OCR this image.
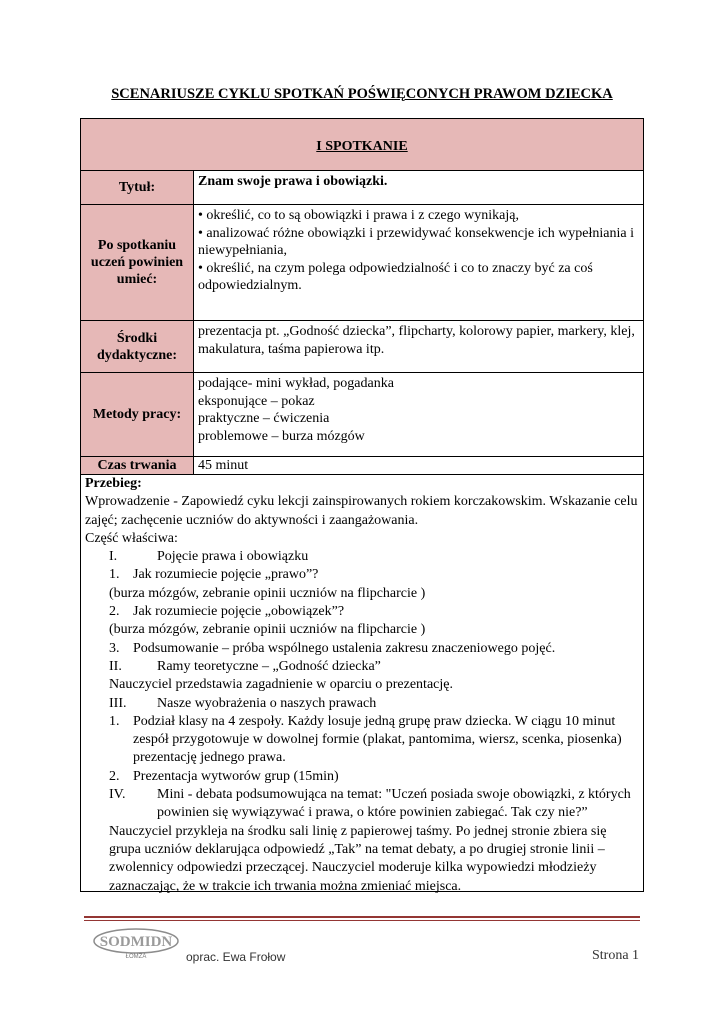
SCENARIUSZE CYKLU SPOTKAŃ POŚWIĘCONYCH PRAWOM DZIECKA
I SPOTKANIE
Tytuł:	Znam swoje prawa i obowiązki.
Po spotkaniu uczeń powinien umieć:
• określić, co to są obowiązki i prawa i z czego wynikają,
• analizować różne obowiązki i przewidywać konsekwencje ich wypełniania i niewypełniania,
• określić, na czym polega odpowiedzialność i co to znaczy być za coś odpowiedzialnym.
Środki dydaktyczne:
prezentacja pt. „Godność dziecka”, flipcharty, kolorowy papier, markery, klej, makulatura, taśma papierowa itp.
Metody pracy:
podające- mini wykład, pogadanka
eksponujące – pokaz
praktyczne – ćwiczenia
problemowe – burza mózgów
Czas trwania	45 minut

Przebieg:

Wprowadzenie - Zapowiedź cyku lekcji zainspirowanych rokiem korczakowskim. Wskazanie celu zajęć; zachęcenie uczniów do aktywności i zaangażowania.

Część właściwa:

I.	Pojęcie prawa i obowiązku
1. Jak rozumiecie pojęcie „prawo”?

(burza mózgów, zebranie opinii uczniów na flipcharcie )

2. Jak rozumiecie pojęcie „obowiązek”?

(burza mózgów, zebranie opinii uczniów na flipcharcie )

3. Podsumowanie – próba wspólnego ustalenia zakresu znaczeniowego pojęć.
II.	Ramy teoretyczne – „Godność dziecka”

Nauczyciel przedstawia zagadnienie w oparciu o prezentację.

III.	Nasze wyobrażenia o naszych prawach
1. Podział klasy na 4 zespoły. Każdy losuje jedną grupę praw dziecka. W ciągu 10 minut zespół przygotowuje w dowolnej formie (plakat, pantomima, wiersz, scenka, piosenka) prezentację jednego prawa.
2. Prezentacja wytworów grup (15min)
IV.	Mini - debata podsumowująca na temat: "Uczeń posiada swoje obowiązki, z których powinien się wywiązywać i prawa, o które powinien zabiegać. Tak czy nie?”

Nauczyciel przykleja na środku sali linię z papierowej taśmy. Po jednej stronie zbiera się grupa uczniów deklarująca odpowiedź „Tak” na temat debaty, a po drugiej stronie linii – zwolennicy odpowiedzi przeczącej. Nauczyciel moderuje kilka wypowiedzi młodzieży zaznaczając, że w trakcie ich trwania można zmieniać miejsca.

SODMIDN
ŁOMŻA	oprac. Ewa Frołow	Strona 1
